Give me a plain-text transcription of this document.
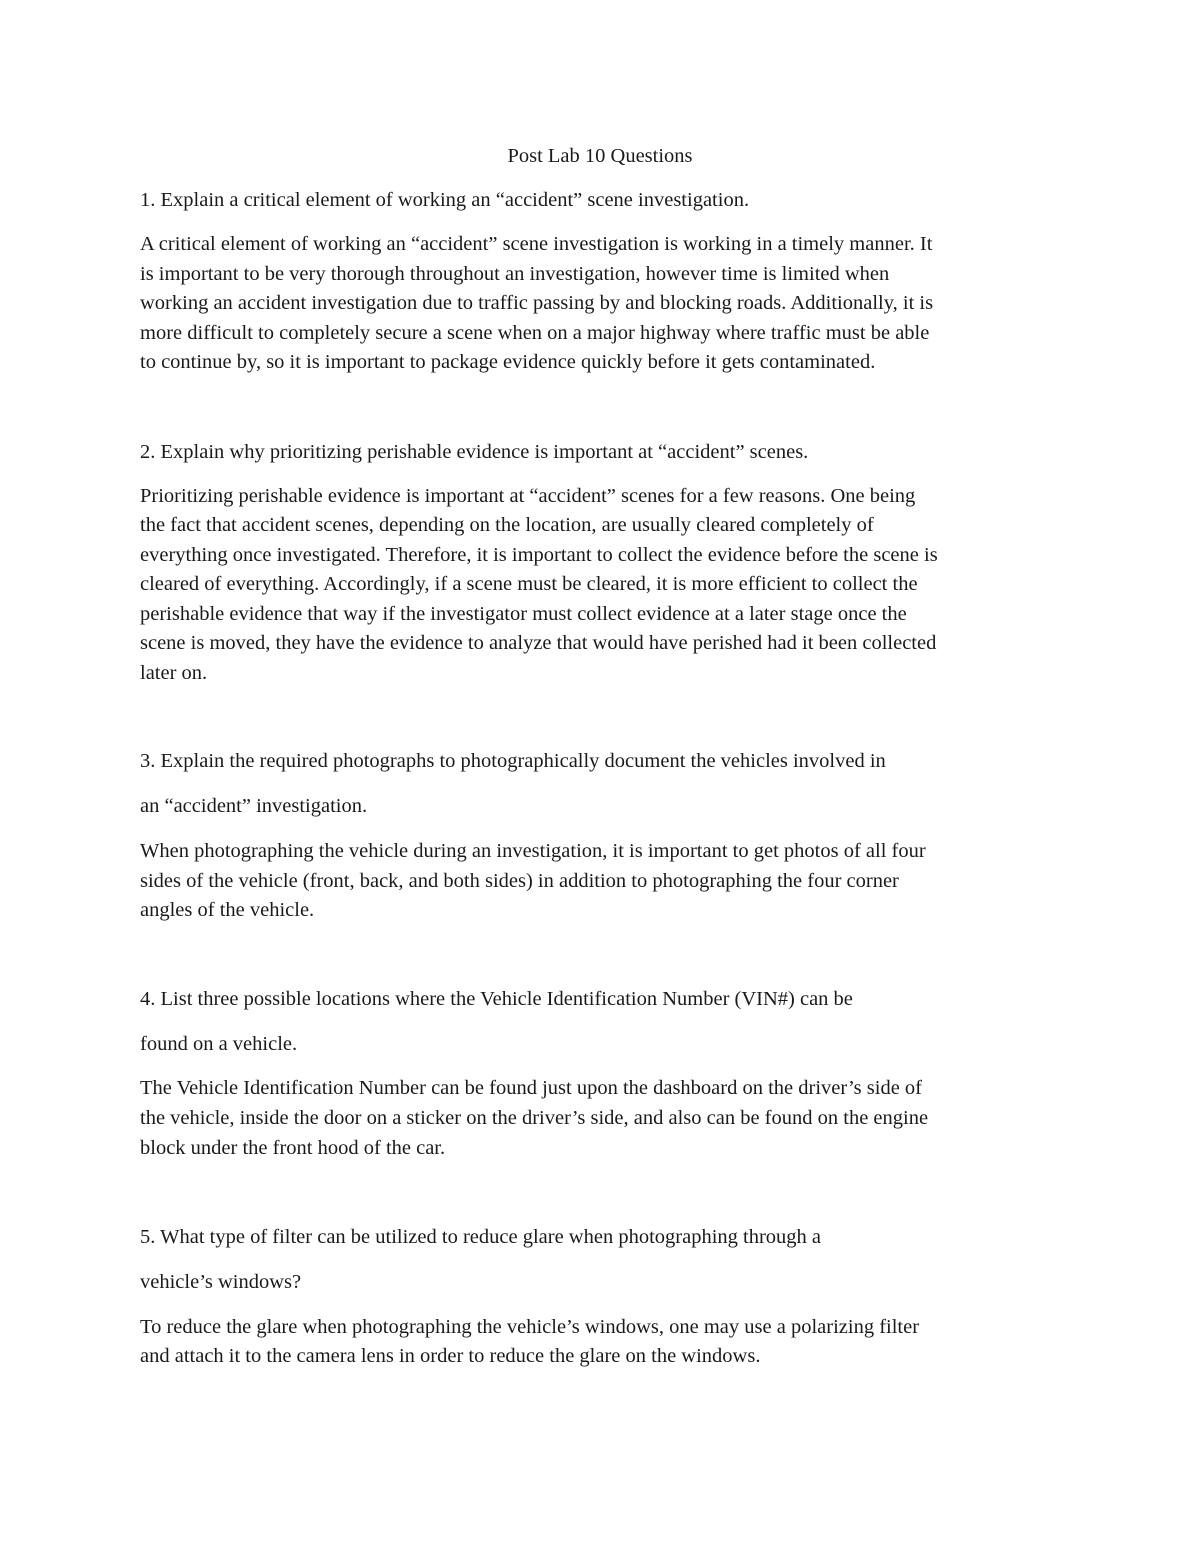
Post Lab 10 Questions

1. Explain a critical element of working an “accident” scene investigation.

A critical element of working an “accident” scene investigation is working in a timely manner. It

is important to be very thorough throughout an investigation, however time is limited when

working an accident investigation due to traffic passing by and blocking roads. Additionally, it is

more difficult to completely secure a scene when on a major highway where traffic must be able

to continue by, so it is important to package evidence quickly before it gets contaminated.

2. Explain why prioritizing perishable evidence is important at “accident” scenes.

Prioritizing perishable evidence is important at “accident” scenes for a few reasons. One being

the fact that accident scenes, depending on the location, are usually cleared completely of

everything once investigated. Therefore, it is important to collect the evidence before the scene is

cleared of everything. Accordingly, if a scene must be cleared, it is more efficient to collect the

perishable evidence that way if the investigator must collect evidence at a later stage once the

scene is moved, they have the evidence to analyze that would have perished had it been collected

later on.

3. Explain the required photographs to photographically document the vehicles involved in

an “accident” investigation.

When photographing the vehicle during an investigation, it is important to get photos of all four

sides of the vehicle (front, back, and both sides) in addition to photographing the four corner

angles of the vehicle.

4. List three possible locations where the Vehicle Identification Number (VIN#) can be

found on a vehicle.

The Vehicle Identification Number can be found just upon the dashboard on the driver’s side of

the vehicle, inside the door on a sticker on the driver’s side, and also can be found on the engine

block under the front hood of the car.

5. What type of filter can be utilized to reduce glare when photographing through a

vehicle’s windows?

To reduce the glare when photographing the vehicle’s windows, one may use a polarizing filter

and attach it to the camera lens in order to reduce the glare on the windows.
